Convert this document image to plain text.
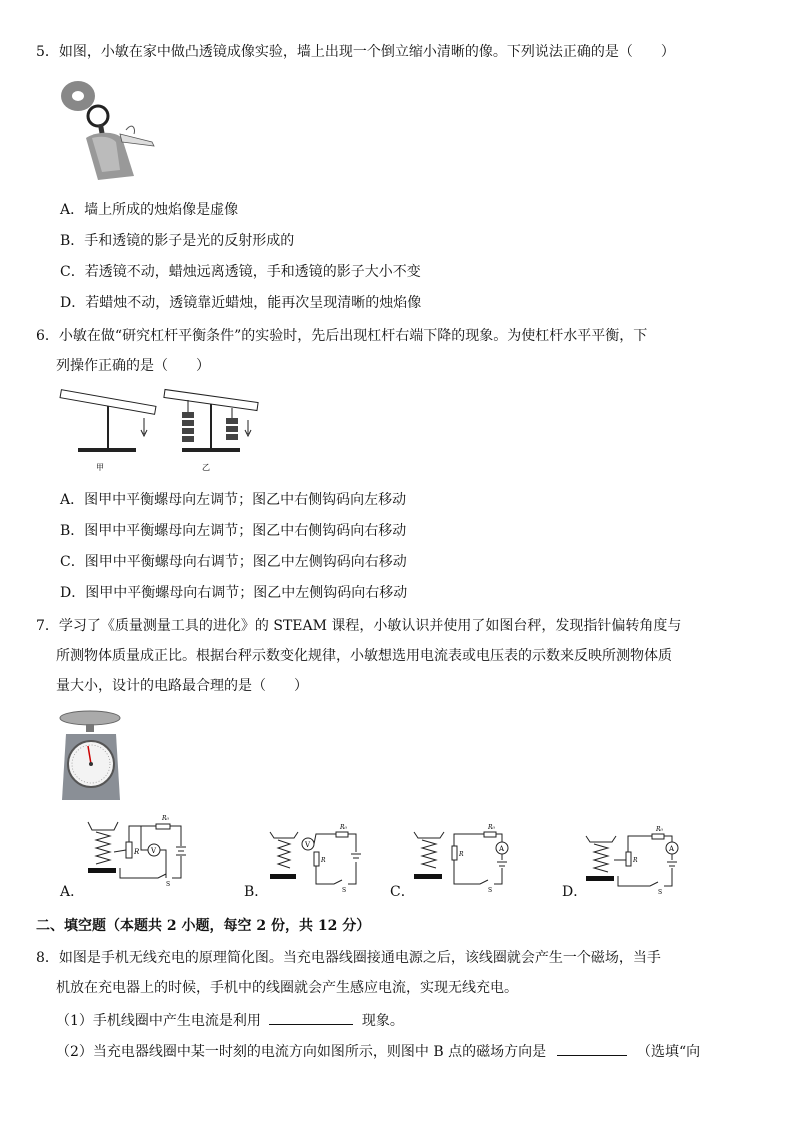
5．如图，小敏在家中做凸透镜成像实验，墙上出现一个倒立缩小清晰的像。下列说法正确的是（　　）
A．墙上所成的烛焰像是虚像
B．手和透镜的影子是光的反射形成的
C．若透镜不动，蜡烛远离透镜，手和透镜的影子大小不变
D．若蜡烛不动，透镜靠近蜡烛，能再次呈现清晰的烛焰像
6．小敏在做“研究杠杆平衡条件”的实验时，先后出现杠杆右端下降的现象。为使杠杆水平平衡，下
列操作正确的是（　　）
甲	乙
A．图甲中平衡螺母向左调节；图乙中右侧钩码向左移动
B．图甲中平衡螺母向左调节；图乙中右侧钩码向右移动
C．图甲中平衡螺母向右调节；图乙中左侧钩码向右移动
D．图甲中平衡螺母向右调节；图乙中左侧钩码向右移动
7．学习了《质量测量工具的进化》的 STEAM 课程，小敏认识并使用了如图台秤，发现指针偏转角度与
所测物体质量成正比。根据台秤示数变化规律，小敏想选用电流表或电压表的示数来反映所测物体质
量大小，设计的电路最合理的是（　　）
R V
R₀
S
V
R
R₀
S
R
R₀
A
S
R
R₀
A
S
A．	B．	C．	D．
二、填空题（本题共 2 小题，每空 2 份，共 12 分）
8．如图是手机无线充电的原理简化图。当充电器线圈接通电源之后，该线圈就会产生一个磁场，当手
机放在充电器上的时候，手机中的线圈就会产生感应电流，实现无线充电。
（1）手机线圈中产生电流是利用	现象。
（2）当充电器线圈中某一时刻的电流方向如图所示，则图中 B 点的磁场方向是	（选填“向
